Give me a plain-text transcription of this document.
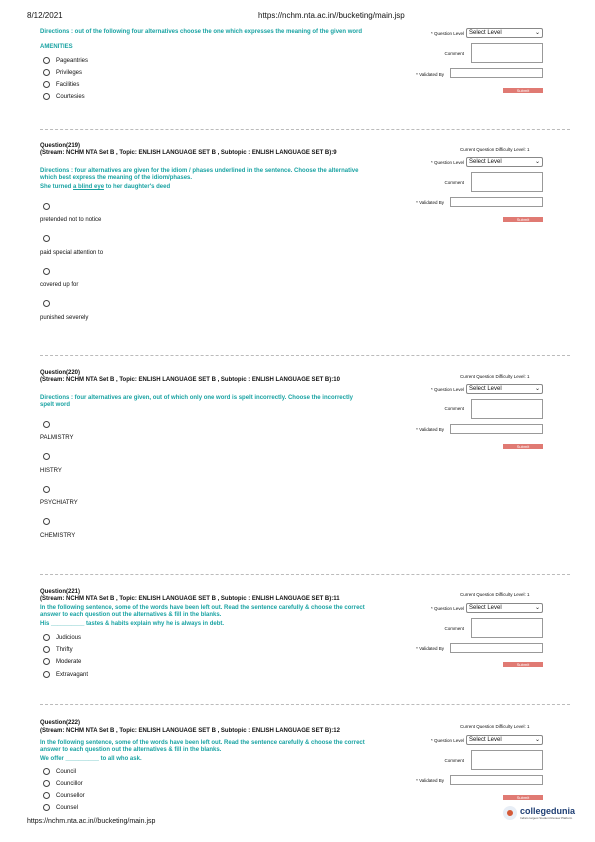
8/12/2021	https://nchm.nta.ac.in//bucketing/main.jsp
https://nchm.nta.ac.in//bucketing/main.jsp
Directions : out of the following four alternatives choose the one which expresses the meaning of the given word
AMENITIES
Pageantries
Privileges
Facilities
Courtesies
* Question Level Select Level	⌄
Comment
* Validated By
Submit
Question(219)
(Stream: NCHM NTA Set B , Topic: ENLISH LANGUAGE SET B , Subtopic : ENLISH LANGUAGE SET B):9
Directions : four alternatives are given for the idiom / phases underlined in the sentence. Choose the alternative which best express the meaning of the idiom/phases.
She turned a blind eye to her daughter's deed
pretended not to notice
paid special attention to
covered up for
punished severely
Current Question Difficulty Level: 1
* Question Level Select Level	⌄
Comment
* Validated By
Submit
Question(220)
(Stream: NCHM NTA Set B , Topic: ENLISH LANGUAGE SET B , Subtopic : ENLISH LANGUAGE SET B):10
Directions : four alternatives are given, out of which only one word is spelt incorrectly. Choose the incorrectly spelt word
PALMISTRY
HISTRY
PSYCHIATRY
CHEMISTRY
Current Question Difficulty Level: 1
* Question Level Select Level	⌄
Comment
* Validated By
Submit
Question(221)
(Stream: NCHM NTA Set B , Topic: ENLISH LANGUAGE SET B , Subtopic : ENLISH LANGUAGE SET B):11
In the following sentence, some of the words have been left out. Read the sentence carefully & choose the correct answer to each question out the alternatives & fill in the blanks.
His __________ tastes & habits explain why he is always in debt.
Judicious
Thrifty
Moderate
Extravagant
Current Question Difficulty Level: 1
* Question Level Select Level	⌄
Comment
* Validated By
Submit
Question(222)
(Stream: NCHM NTA Set B , Topic: ENLISH LANGUAGE SET B , Subtopic : ENLISH LANGUAGE SET B):12
In the following sentence, some of the words have been left out. Read the sentence carefully & choose the correct answer to each question out the alternatives & fill in the blanks.
We offer __________ to all who ask.
Council
Councillor
Counsellor
Counsel
Current Question Difficulty Level: 1
* Question Level Select Level	⌄
Comment
* Validated By
Submit
collegedunia
India's largest Student Review Platform
